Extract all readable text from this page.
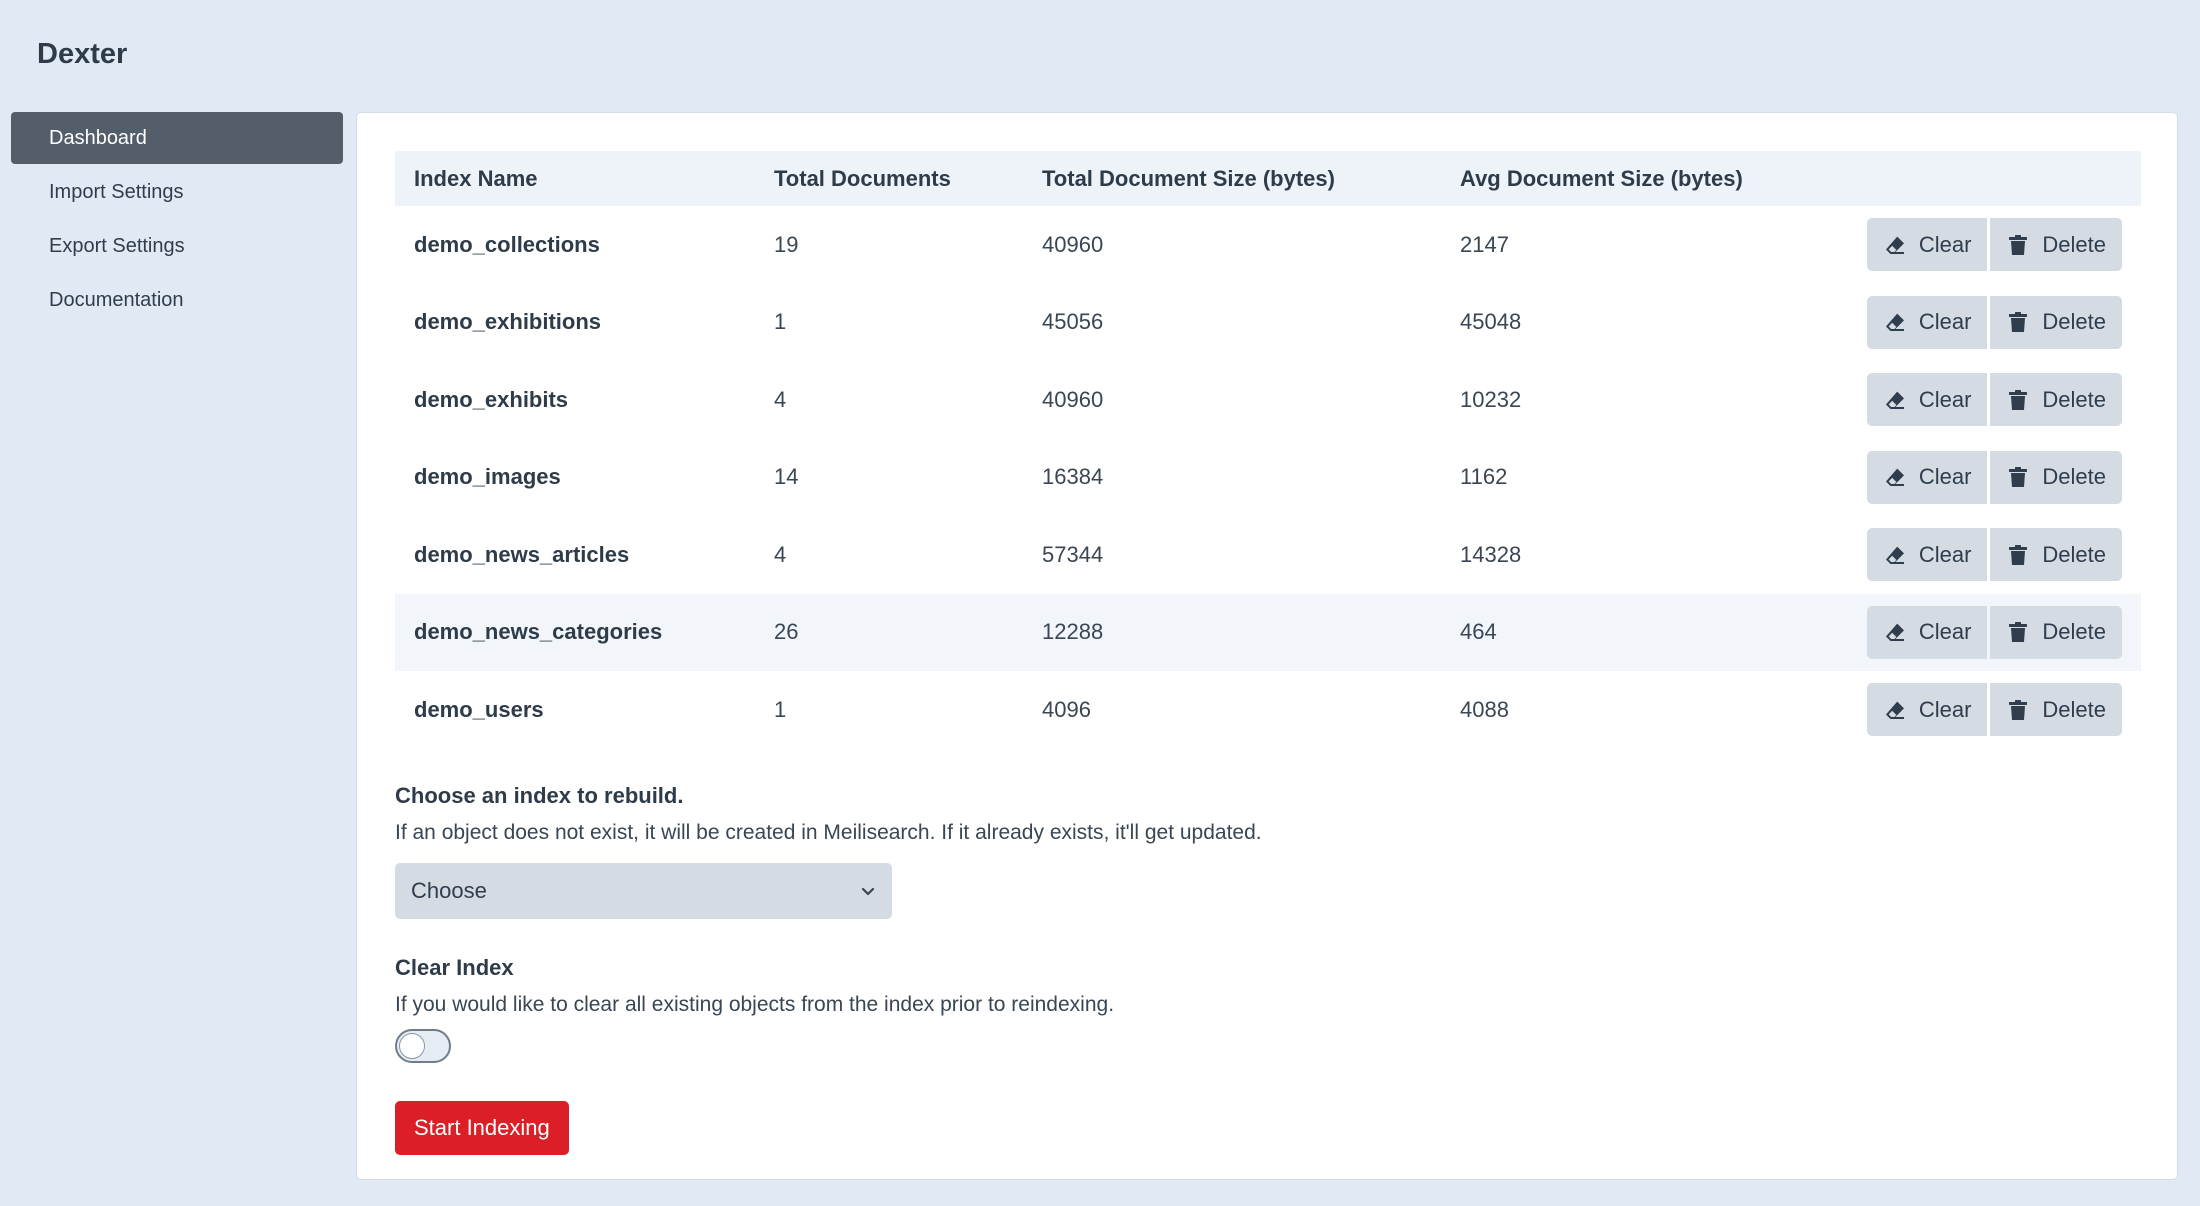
Dexter
Dashboard
Import Settings
Export Settings
Documentation
Index Name	Total Documents	Total Document Size (bytes)	Avg Document Size (bytes)	
demo_collections	19	40960	2147	Clear Delete

demo_exhibitions	1	45056	45048	Clear Delete

demo_exhibits	4	40960	10232	Clear Delete

demo_images	14	16384	1162	Clear Delete

demo_news_articles	4	57344	14328	Clear Delete

demo_news_categories	26	12288	464	Clear Delete

demo_users	1	4096	4088	Clear Delete
Choose an index to rebuild.
If an object does not exist, it will be created in Meilisearch. If it already exists, it'll get updated.
Choose
Clear Index
If you would like to clear all existing objects from the index prior to reindexing.
Start Indexing
